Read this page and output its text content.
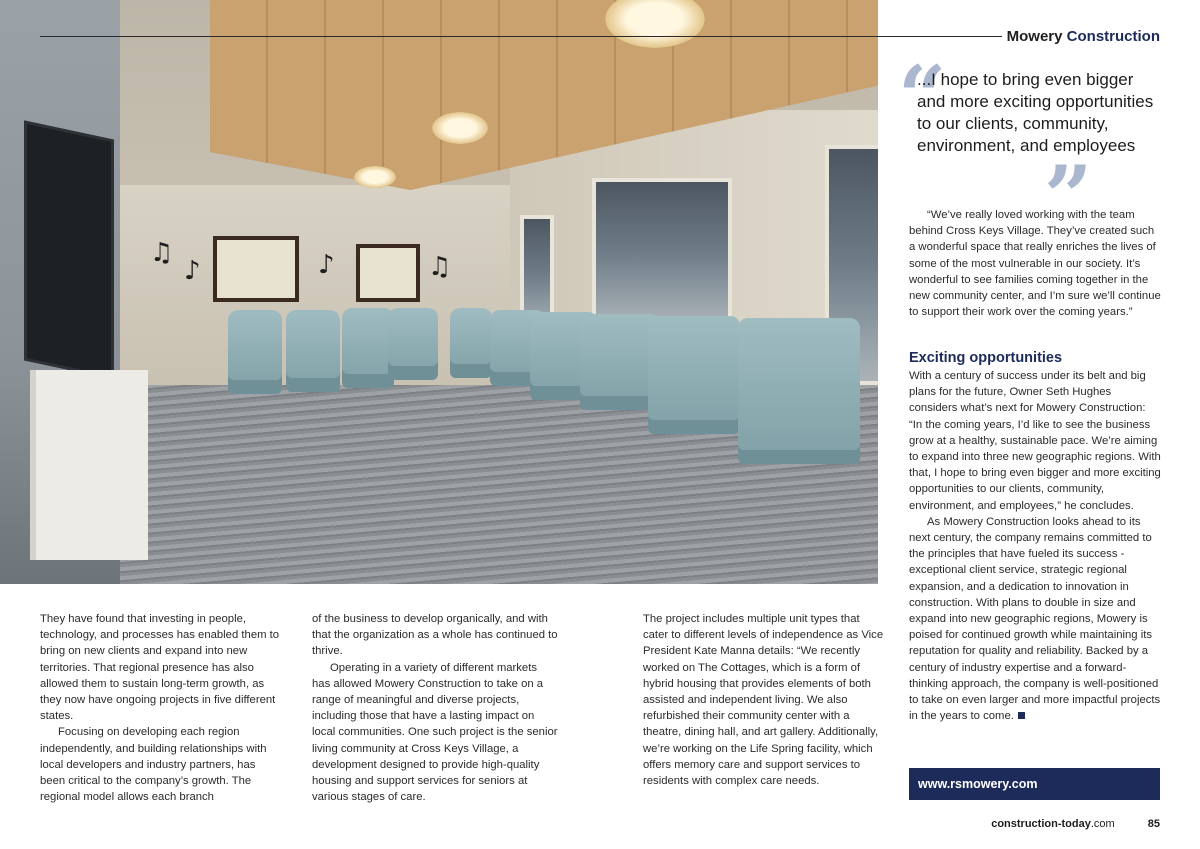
♫
♪	♪	♫
Mowery Construction
“

...I hope to bring even bigger and more exciting opportunities to our clients, community, environment, and employees

”

“We’ve really loved working with the team behind Cross Keys Village. They’ve created such a wonderful space that really enriches the lives of some of the most vulnerable in our society. It’s wonderful to see families coming together in the new community center, and I’m sure we’ll continue to support their work over the coming years.”

Exciting opportunities

With a century of success under its belt and big plans for the future, Owner Seth Hughes considers what’s next for Mowery Construction: “In the coming years, I’d like to see the business grow at a healthy, sustainable pace. We’re aiming to expand into three new geographic regions. With that, I hope to bring even bigger and more exciting opportunities to our clients, community, environment, and employees,” he concludes.

As Mowery Construction looks ahead to its next century, the company remains committed to the principles that have fueled its success - exceptional client service, strategic regional expansion, and a dedication to innovation in construction. With plans to double in size and expand into new geographic regions, Mowery is poised for continued growth while maintaining its reputation for quality and reliability. Backed by a century of industry expertise and a forward-thinking approach, the company is well-positioned to take on even larger and more impactful projects in the years to come.

www.rsmowery.com

They have found that investing in people, technology, and processes has enabled them to bring on new clients and expand into new territories. That regional presence has also allowed them to sustain long-term growth, as they now have ongoing projects in five different states.

Focusing on developing each region independently, and building relationships with local developers and industry partners, has been critical to the company’s growth. The regional model allows each branch

of the business to develop organically, and with that the organization as a whole has continued to thrive.

Operating in a variety of different markets has allowed Mowery Construction to take on a range of meaningful and diverse projects, including those that have a lasting impact on local communities. One such project is the senior living community at Cross Keys Village, a development designed to provide high-quality housing and support services for seniors at various stages of care.

The project includes multiple unit types that cater to different levels of independence as Vice President Kate Manna details: “We recently worked on The Cottages, which is a form of hybrid housing that provides elements of both assisted and independent living. We also refurbished their community center with a theatre, dining hall, and art gallery. Additionally, we’re working on the Life Spring facility, which offers memory care and support services to residents with complex care needs.

construction-today.com	85
